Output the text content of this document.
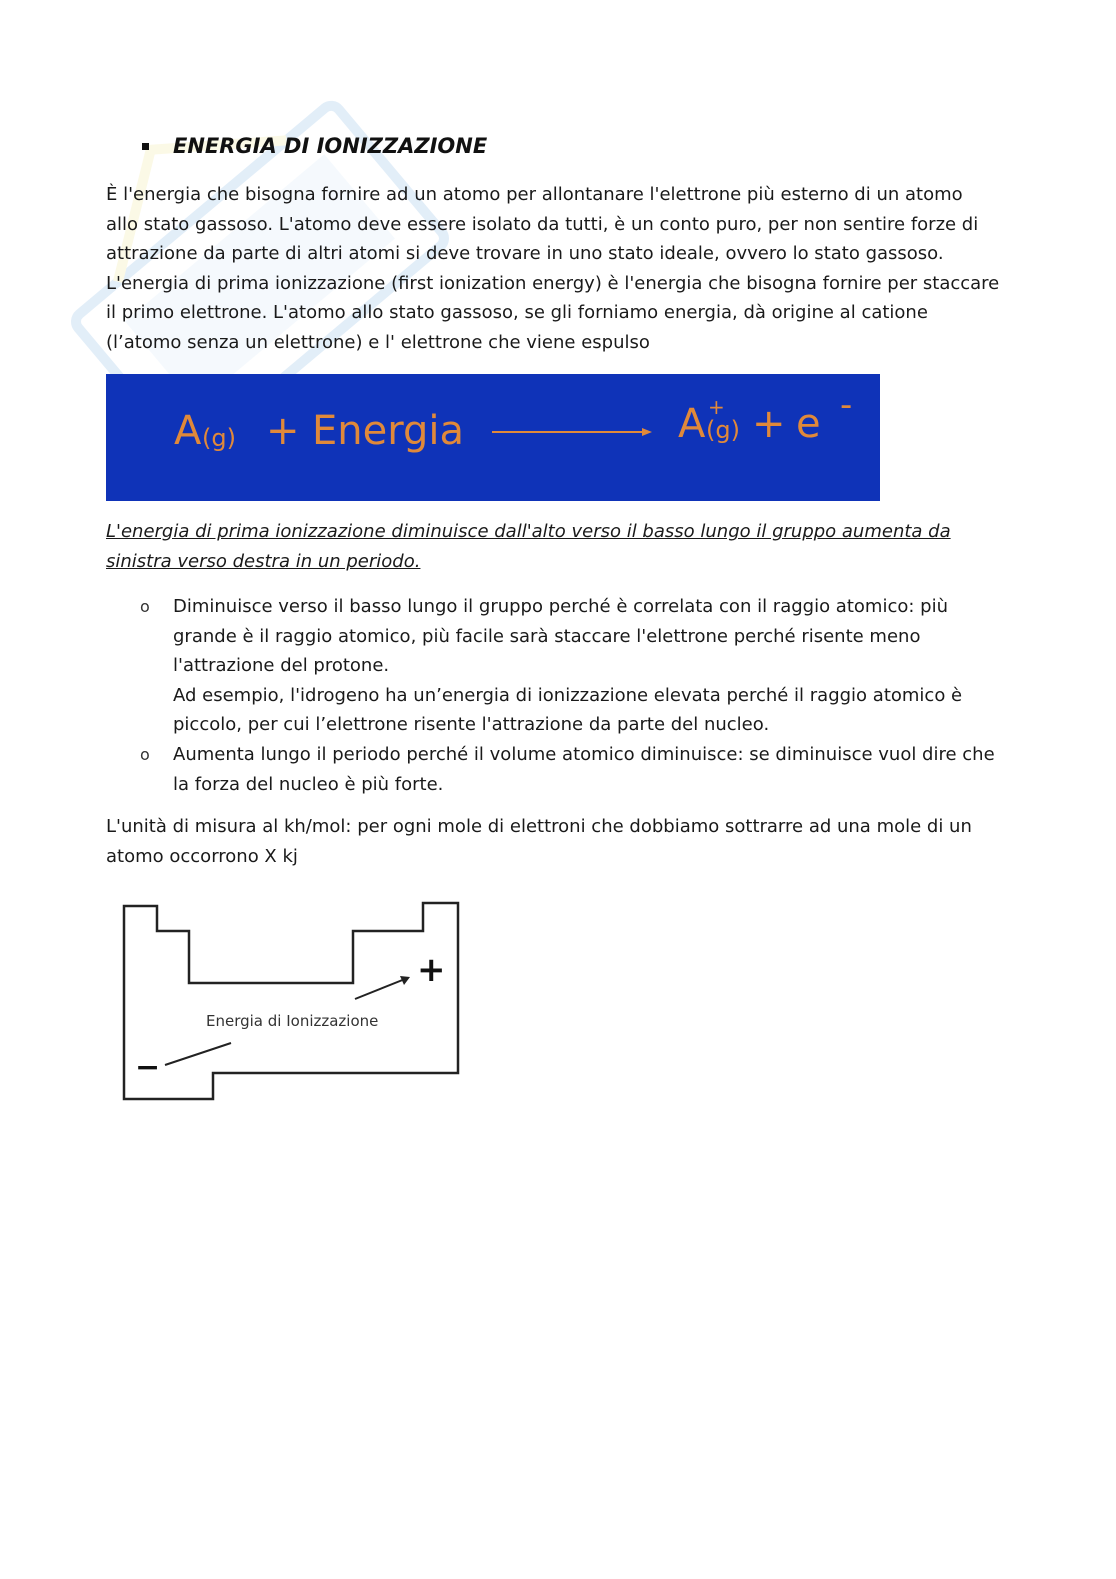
ENERGIA DI IONIZZAZIONE
È l'energia che bisogna fornire ad un atomo per allontanare l'elettrone più esterno di un atomo
allo stato gassoso. L'atomo deve essere isolato da tutti, è un conto puro, per non sentire forze di
attrazione da parte di altri atomi si deve trovare in uno stato ideale, ovvero lo stato gassoso.
L'energia di prima ionizzazione (first ionization energy) è l'energia che bisogna fornire per staccare
il primo elettrone. L'atomo allo stato gassoso, se gli forniamo energia, dà origine al catione
(l’atomo senza un elettrone) e l' elettrone che viene espulso
A (g) + Energia	A +
(g) + e -
L'energia di prima ionizzazione diminuisce dall'alto verso il basso lungo il gruppo aumenta da
sinistra verso destra in un periodo.
o Diminuisce verso il basso lungo il gruppo perché è correlata con il raggio atomico: più
grande è il raggio atomico, più facile sarà staccare l'elettrone perché risente meno
l'attrazione del protone.
Ad esempio, l'idrogeno ha un’energia di ionizzazione elevata perché il raggio atomico è
piccolo, per cui l’elettrone risente l'attrazione da parte del nucleo.
o Aumenta lungo il periodo perché il volume atomico diminuisce: se diminuisce vuol dire che
la forza del nucleo è più forte.
L'unità di misura al kh/mol: per ogni mole di elettroni che dobbiamo sottrarre ad una mole di un
atomo occorrono X kj
Energia di Ionizzazione
+
−
